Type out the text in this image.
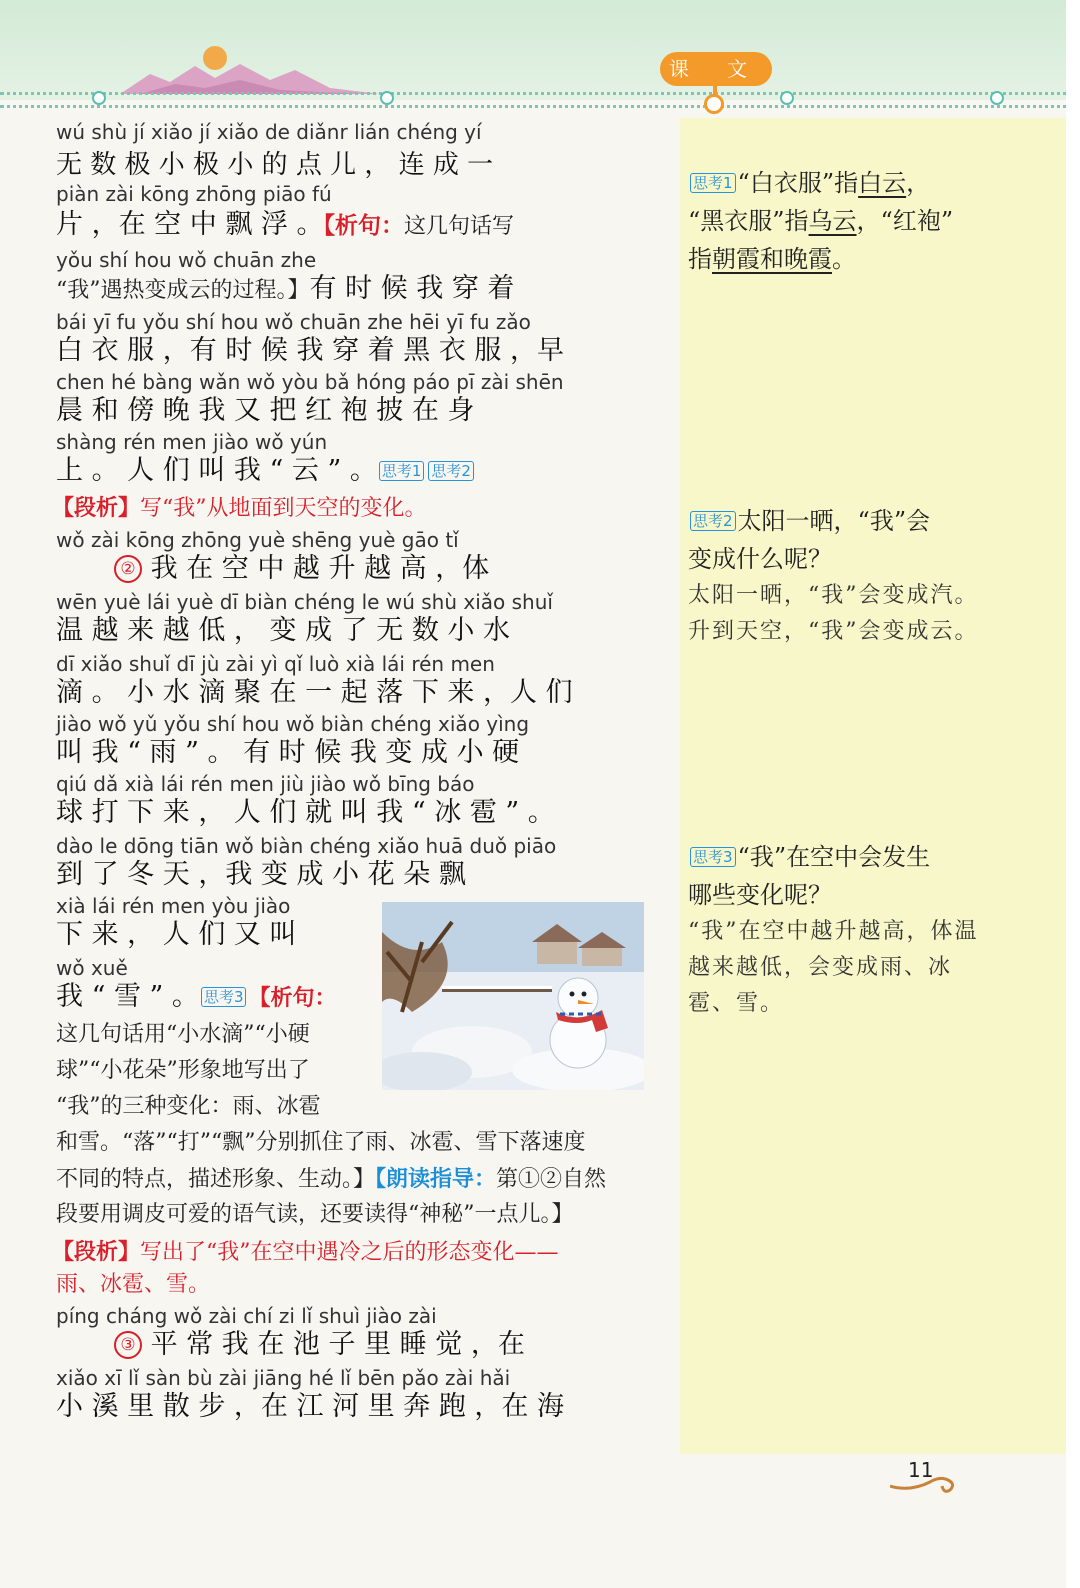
课 文
思考1 “白衣服”指白云，
“黑衣服”指乌云，“红袍”
指朝霞和晚霞。
思考2 太阳一晒，“我”会
变成什么呢？
太阳一晒，“我”会变成汽。升到天空，“我”会变成云。
思考3 “我”在空中会发生
哪些变化呢？
“我”在空中越升越高，体温越来越低，会变成雨、冰雹、雪。
wú shù jí xiǎo jí xiǎo de diǎnr lián chéng yí
无 数 极 小 极 小 的 点 儿 ， 连 成 一
piàn zài kōng zhōng piāo fú
片 ，在 空 中 飘 浮 。【析句：这几句话写
yǒu shí hou wǒ chuān zhe
“我”遇热变成云的过程。】有 时 候 我 穿 着
bái yī fu yǒu shí hou wǒ chuān zhe hēi yī fu zǎo
白 衣 服 ，有 时 候 我 穿 着 黑 衣 服 ，早
chen hé bàng wǎn wǒ yòu bǎ hóng páo pī zài shēn
晨 和 傍 晚 我 又 把 红 袍 披 在 身
shàng rén men jiào wǒ yún
上 。 人 们 叫 我 “ 云 ” 。 思考1 思考2
【段析】写“我”从地面到天空的变化。
wǒ zài kōng zhōng yuè shēng yuè gāo tǐ
② 我 在 空 中 越 升 越 高 ，体
wēn yuè lái yuè dī biàn chéng le wú shù xiǎo shuǐ
温 越 来 越 低 ， 变 成 了 无 数 小 水
dī xiǎo shuǐ dī jù zài yì qǐ luò xià lái rén men
滴 。 小 水 滴 聚 在 一 起 落 下 来 ，人 们
jiào wǒ yǔ yǒu shí hou wǒ biàn chéng xiǎo yìng
叫 我 “ 雨 ” 。 有 时 候 我 变 成 小 硬
qiú dǎ xià lái rén men jiù jiào wǒ bīng báo
球 打 下 来 ， 人 们 就 叫 我 “ 冰 雹 ” 。
dào le dōng tiān wǒ biàn chéng xiǎo huā duǒ piāo
到 了 冬 天 ，我 变 成 小 花 朵 飘
xià lái rén men yòu jiào
下 来 ， 人 们 又 叫
wǒ xuě
我 “ 雪 ” 。 思考3 【析句：
这几句话用“小水滴”“小硬
球”“小花朵”形象地写出了
“我”的三种变化：雨、冰雹
和雪。“落”“打”“飘”分别抓住了雨、冰雹、雪下落速度
不同的特点，描述形象、生动。】【朗读指导：第①②自然
段要用调皮可爱的语气读，还要读得“神秘”一点儿。】
【段析】写出了“我”在空中遇冷之后的形态变化——
雨、冰雹、雪。
píng cháng wǒ zài chí zi lǐ shuì jiào zài
③ 平 常 我 在 池 子 里 睡 觉 ，在
xiǎo xī lǐ sàn bù zài jiāng hé lǐ bēn pǎo zài hǎi
小 溪 里 散 步 ，在 江 河 里 奔 跑 ，在 海
11
